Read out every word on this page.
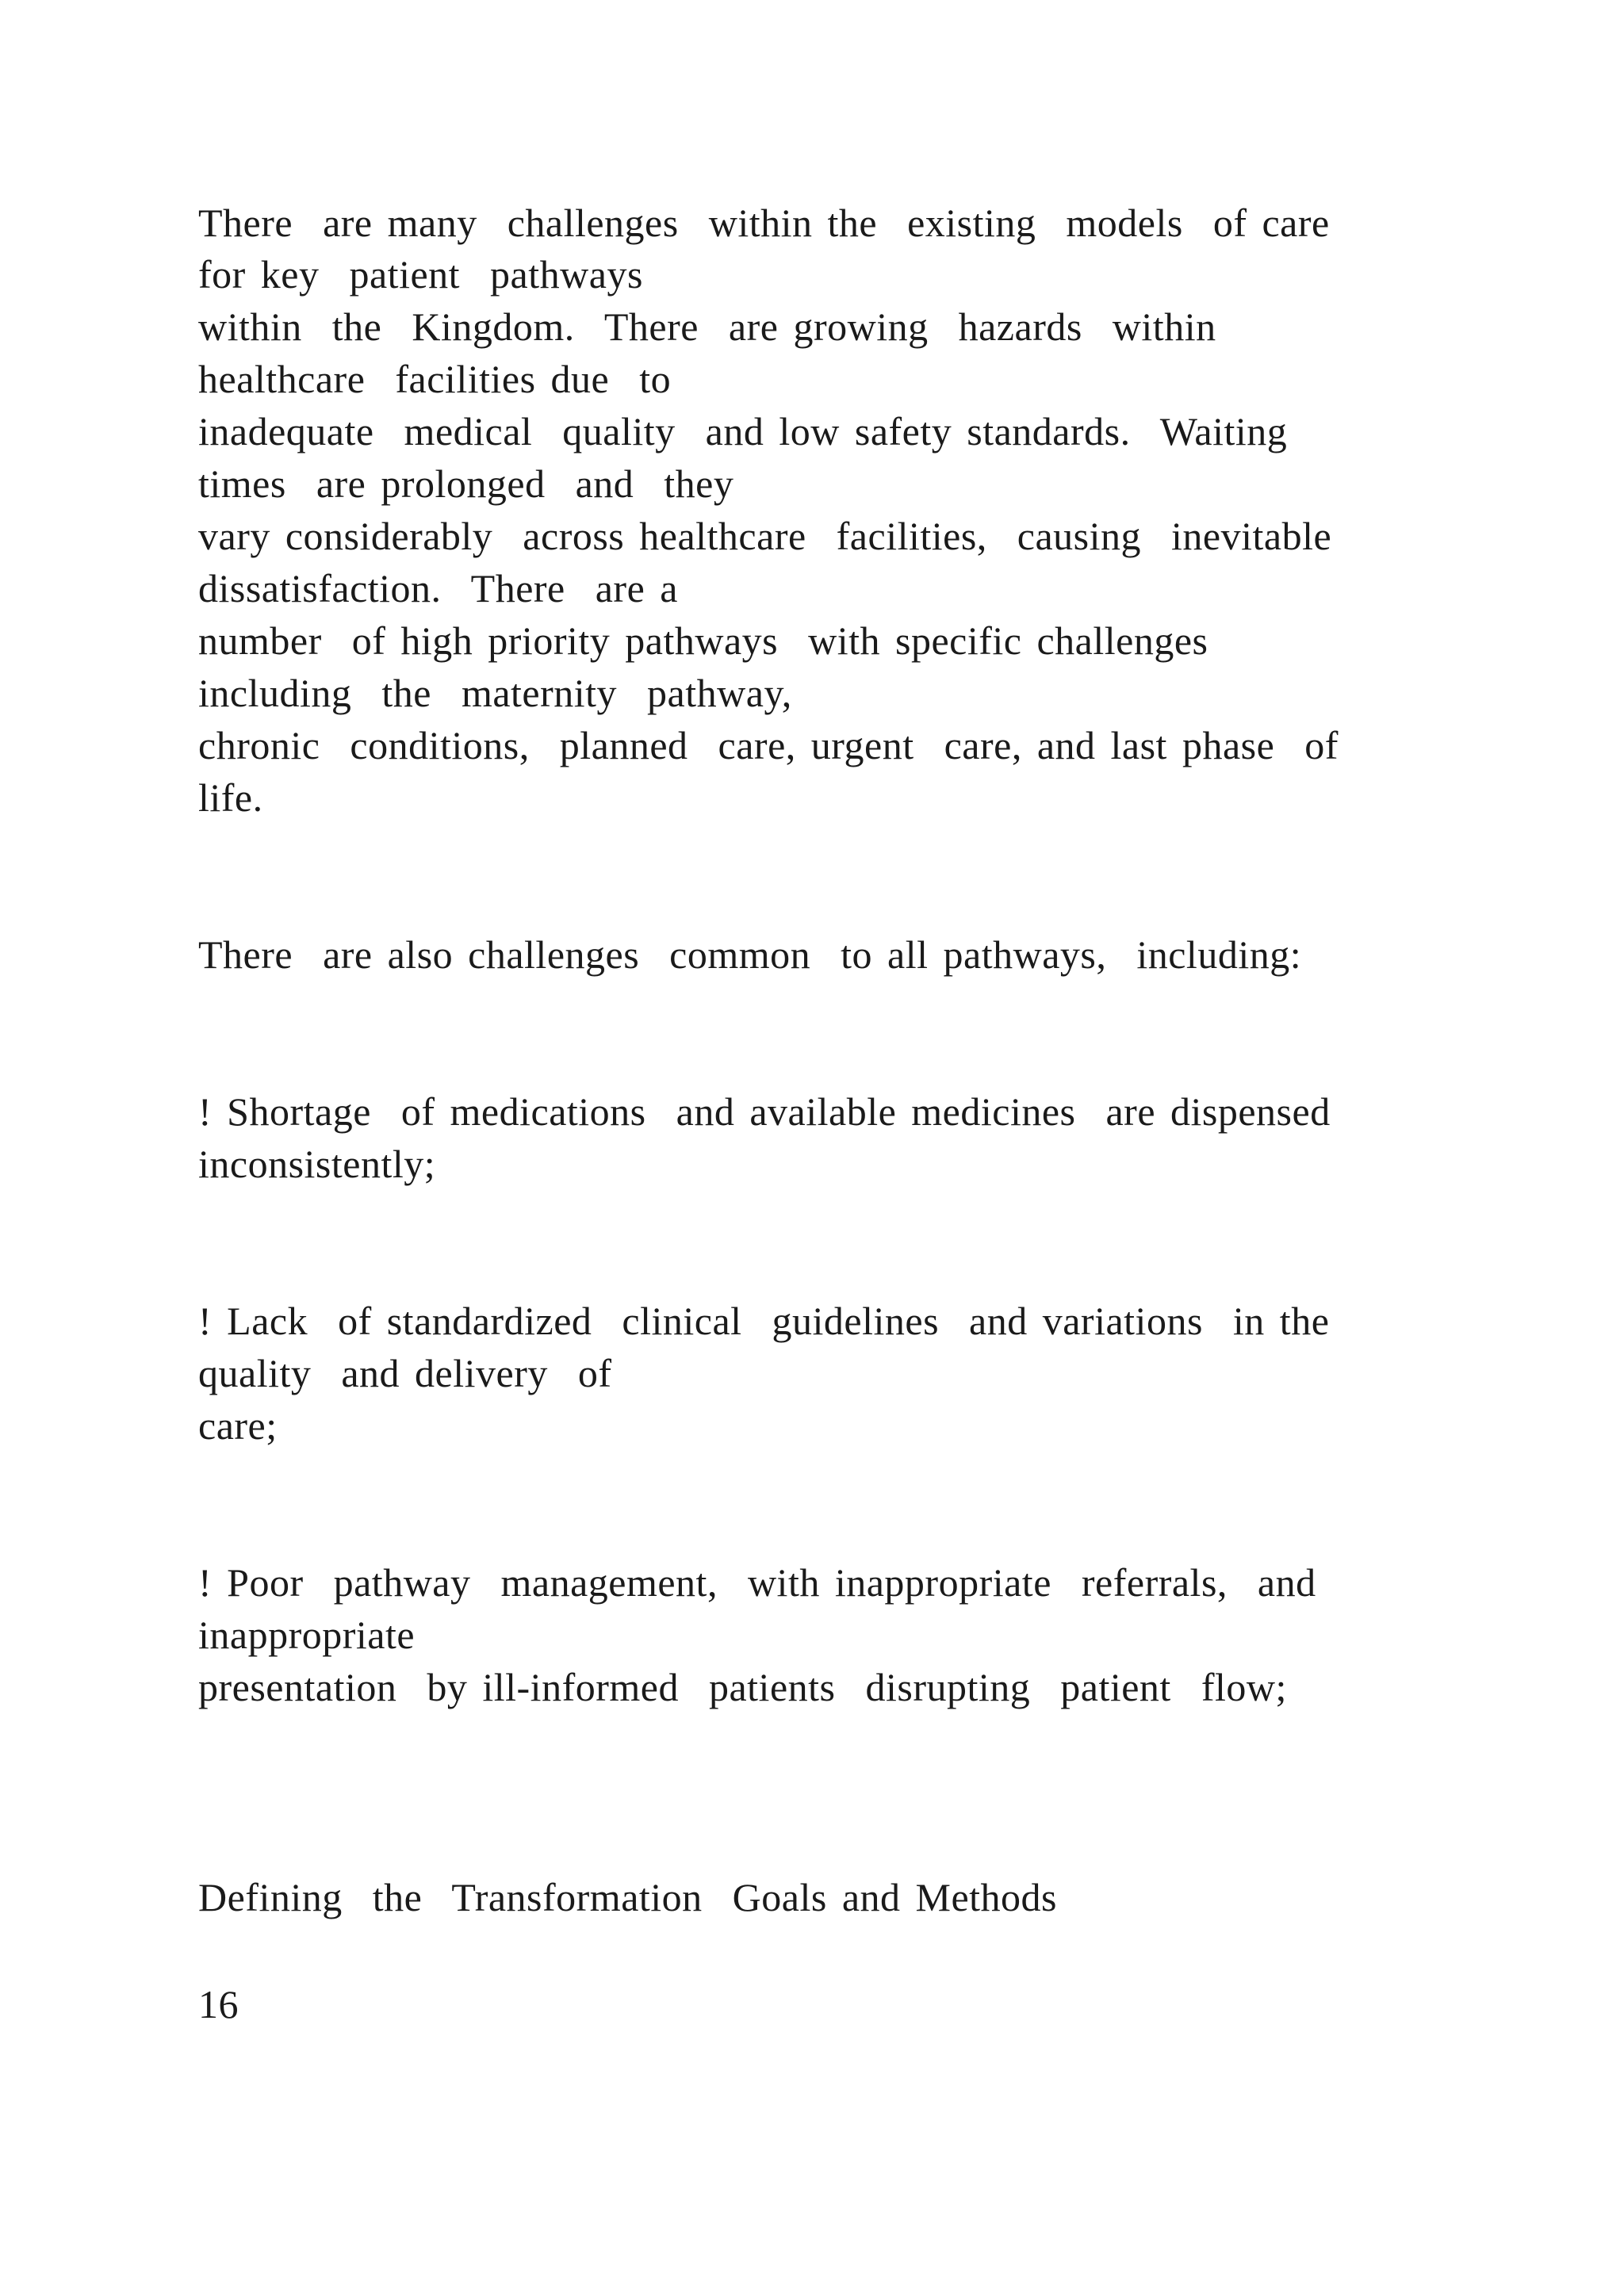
There  are many  challenges  within the  existing  models  of care

for key  patient  pathways

within  the  Kingdom.  There  are growing  hazards  within

healthcare  facilities due  to

inadequate  medical  quality  and low safety standards.  Waiting

times  are prolonged  and  they

vary considerably  across healthcare  facilities,  causing  inevitable

dissatisfaction.  There  are a

number  of high priority pathways  with specific challenges

including  the  maternity  pathway,

chronic  conditions,  planned  care, urgent  care, and last phase  of

life.

There  are also challenges  common  to all pathways,  including:

! Shortage  of medications  and available medicines  are dispensed

inconsistently;

! Lack  of standardized  clinical  guidelines  and variations  in the

quality  and delivery  of

care;

! Poor  pathway  management,  with inappropriate  referrals,  and

inappropriate

presentation  by ill-informed  patients  disrupting  patient  flow;

Defining  the  Transformation  Goals and Methods

16
